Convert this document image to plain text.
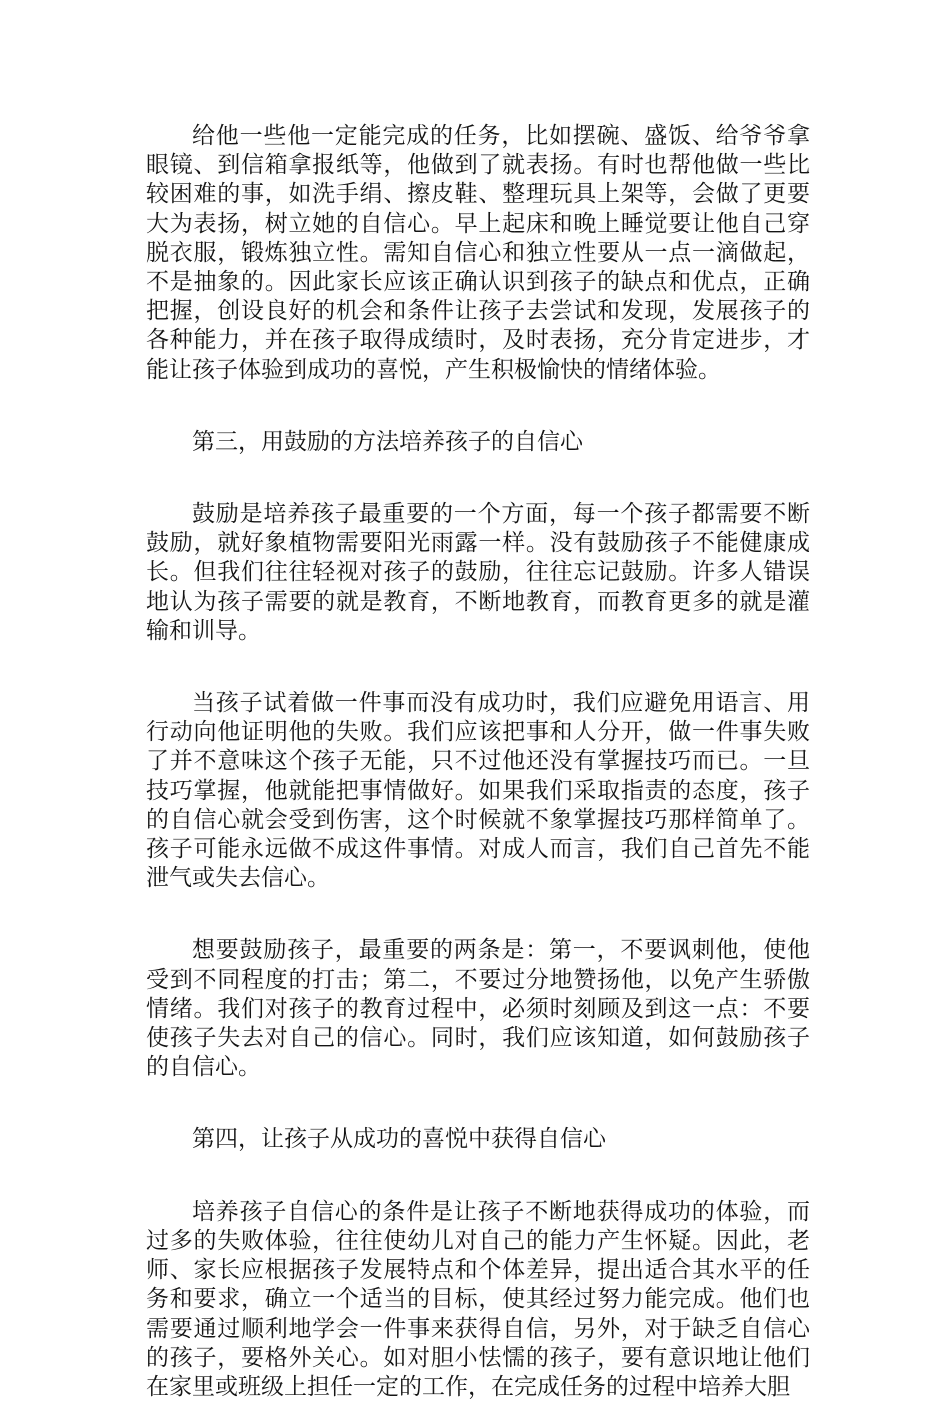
给他一些他一定能完成的任务，比如摆碗、盛饭、给爷爷拿眼镜、到信箱拿报纸等，他做到了就表扬。有时也帮他做一些比较困难的事，如洗手绢、擦皮鞋、整理玩具上架等，会做了更要大为表扬，树立她的自信心。早上起床和晚上睡觉要让他自己穿脱衣服，锻炼独立性。需知自信心和独立性要从一点一滴做起，不是抽象的。因此家长应该正确认识到孩子的缺点和优点，正确把握，创设良好的机会和条件让孩子去尝试和发现，发展孩子的各种能力，并在孩子取得成绩时，及时表扬，充分肯定进步，才能让孩子体验到成功的喜悦，产生积极愉快的情绪体验。

第三，用鼓励的方法培养孩子的自信心

鼓励是培养孩子最重要的一个方面，每一个孩子都需要不断鼓励，就好象植物需要阳光雨露一样。没有鼓励孩子不能健康成长。但我们往往轻视对孩子的鼓励，往往忘记鼓励。许多人错误地认为孩子需要的就是教育，不断地教育，而教育更多的就是灌输和训导。

当孩子试着做一件事而没有成功时，我们应避免用语言、用行动向他证明他的失败。我们应该把事和人分开，做一件事失败了并不意味这个孩子无能，只不过他还没有掌握技巧而已。一旦技巧掌握，他就能把事情做好。如果我们采取指责的态度，孩子的自信心就会受到伤害，这个时候就不象掌握技巧那样简单了。孩子可能永远做不成这件事情。对成人而言，我们自己首先不能泄气或失去信心。

想要鼓励孩子，最重要的两条是：第一，不要讽刺他，使他受到不同程度的打击；第二，不要过分地赞扬他，以免产生骄傲情绪。我们对孩子的教育过程中，必须时刻顾及到这一点：不要使孩子失去对自己的信心。同时，我们应该知道，如何鼓励孩子的自信心。

第四，让孩子从成功的喜悦中获得自信心

培养孩子自信心的条件是让孩子不断地获得成功的体验，而过多的失败体验，往往使幼儿对自己的能力产生怀疑。因此，老师、家长应根据孩子发展特点和个体差异，提出适合其水平的任务和要求，确立一个适当的目标，使其经过努力能完成。他们也需要通过顺利地学会一件事来获得自信，另外，对于缺乏自信心的孩子，要格外关心。如对胆小怯懦的孩子，要有意识地让他们在家里或班级上担任一定的工作，在完成任务的过程中培养大胆
